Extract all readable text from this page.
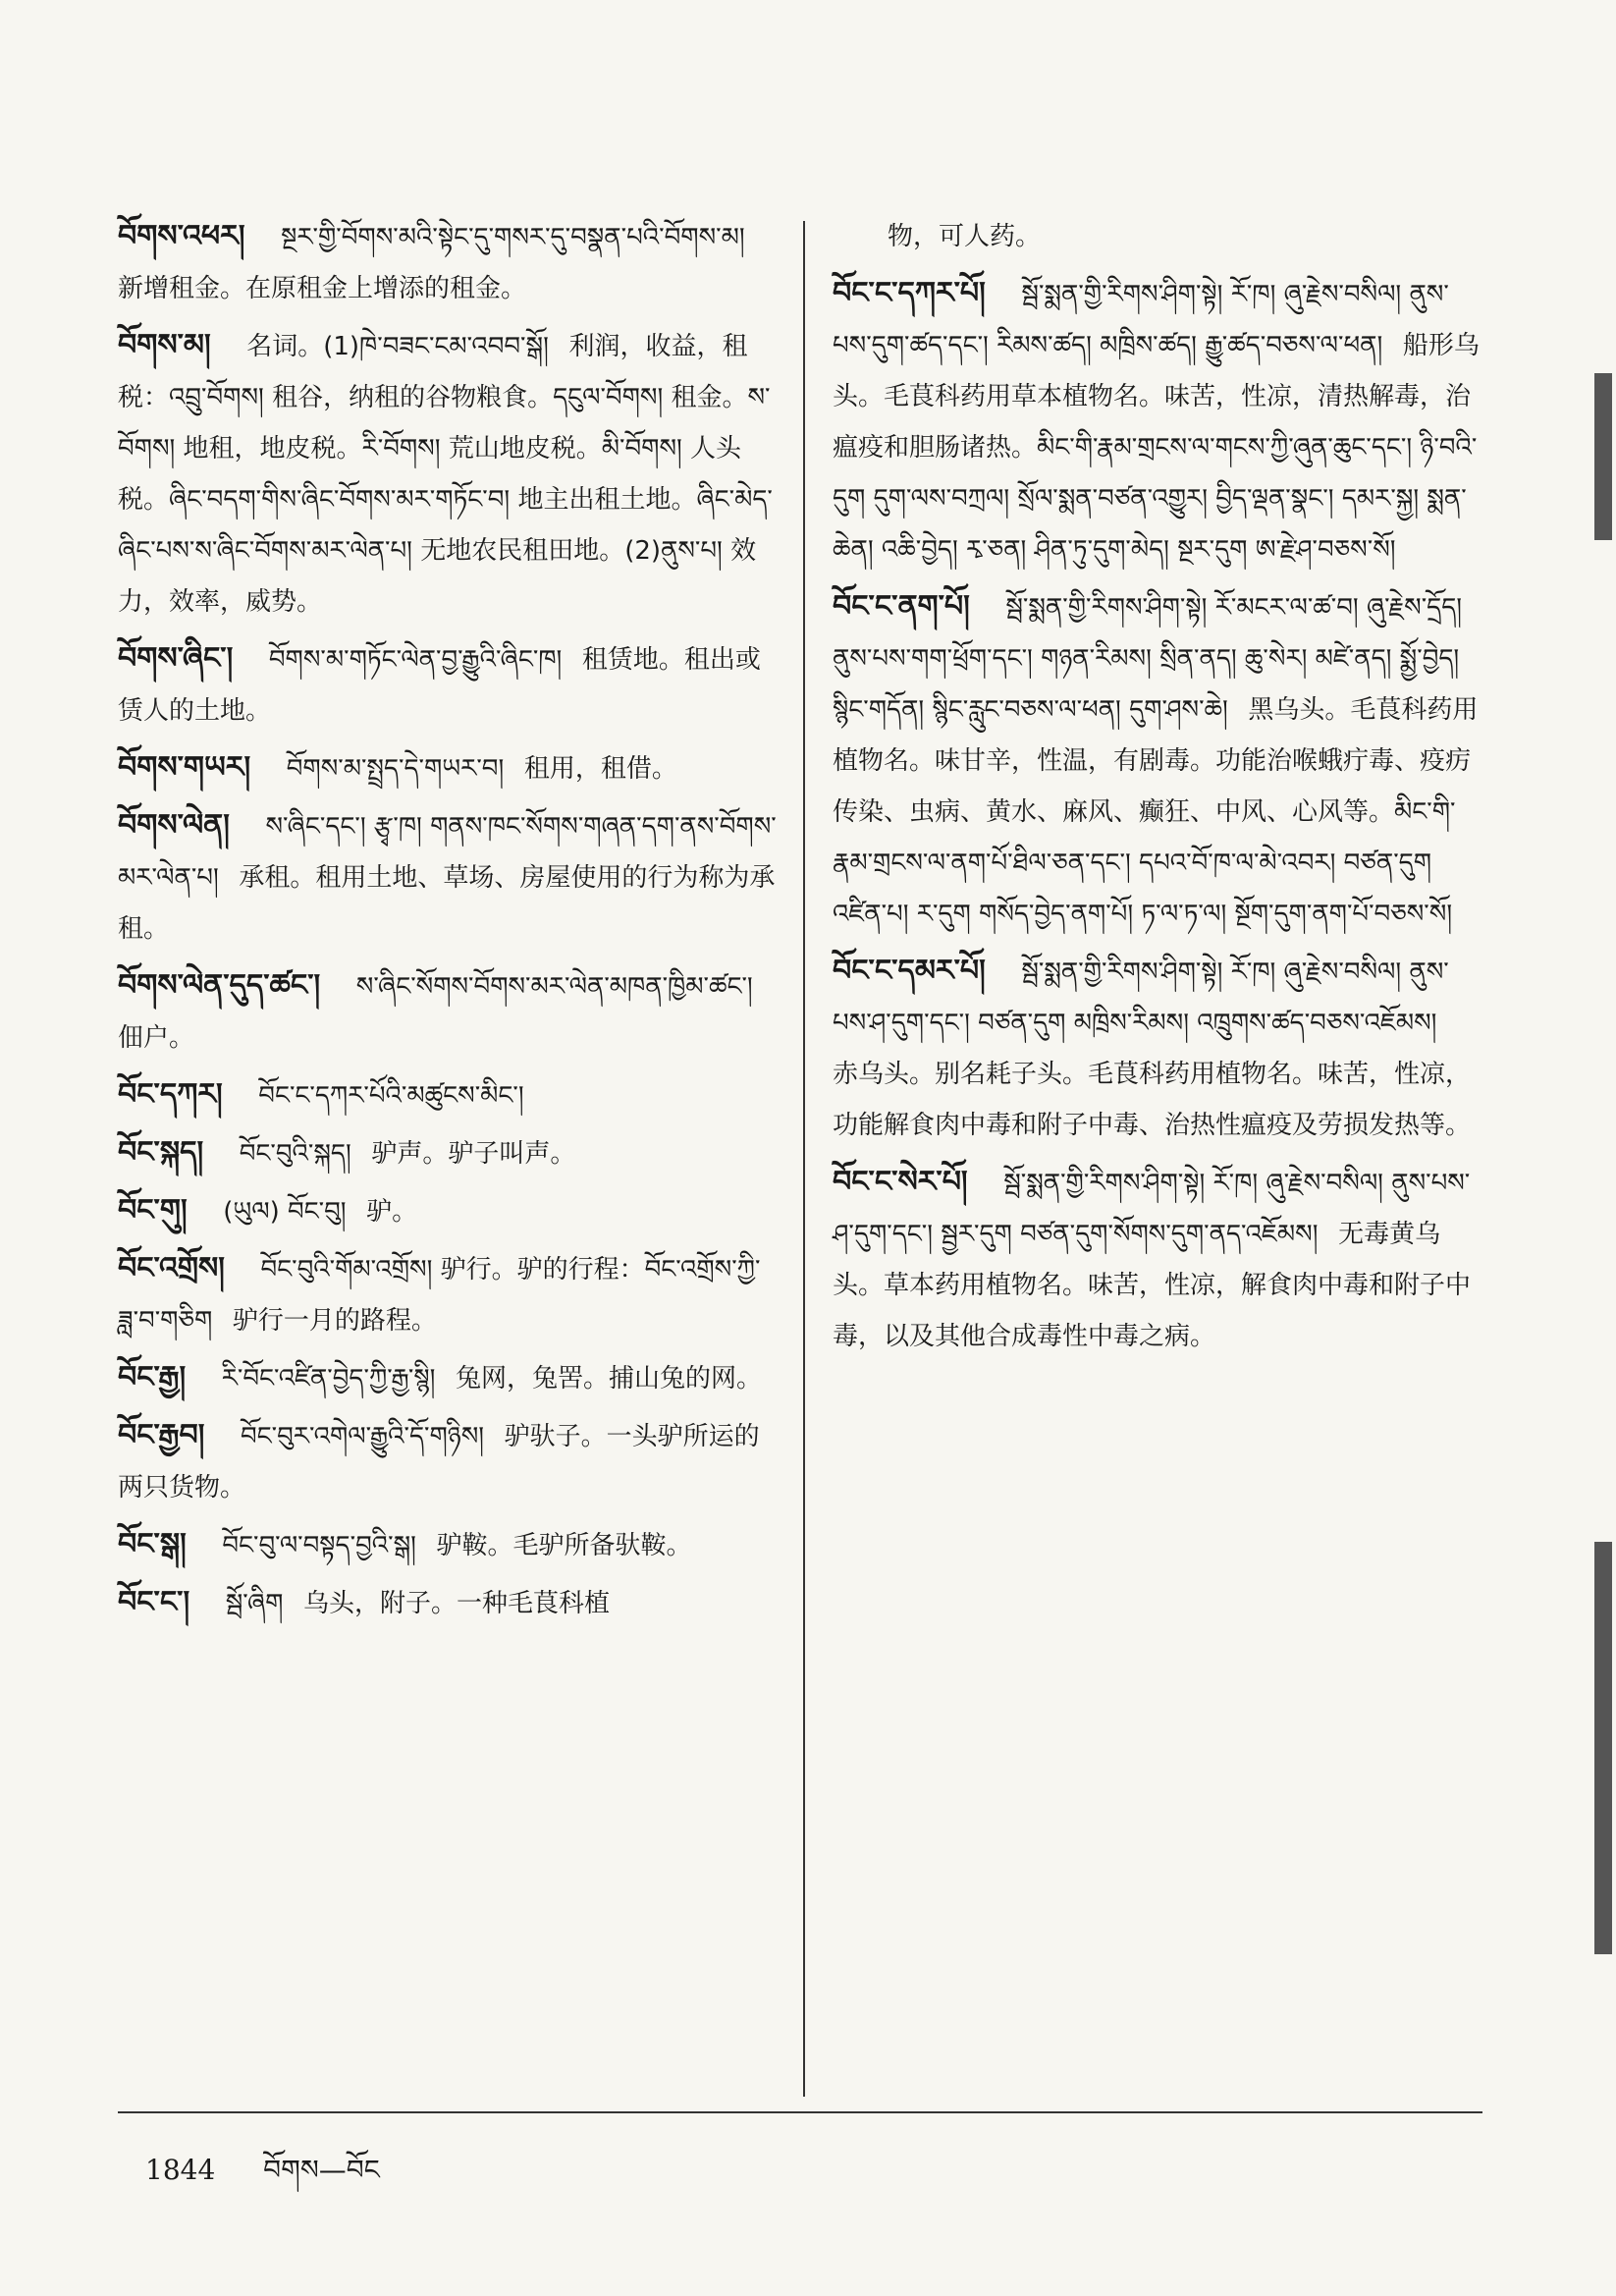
བོགས་འཕར། སྔར་གྱི་བོགས་མའི་སྟེང་དུ་གསར་དུ་བསྣན་པའི་བོགས་མ། 新增租金。在原租金上增添的租金。
བོགས་མ། 名词。(1)ཁེ་བཟང་ངམ་འབབ་སྒོ། 利润，收益，租税：འབྲུ་བོགས། 租谷，纳租的谷物粮食。དངུལ་བོགས། 租金。ས་བོགས། 地租，地皮税。རི་བོགས། 荒山地皮税。མི་བོགས། 人头税。ཞིང་བདག་གིས་ཞིང་བོགས་མར་གཏོང་བ། 地主出租土地。ཞིང་མེད་ཞིང་པས་ས་ཞིང་བོགས་མར་ལེན་པ། 无地农民租田地。(2)ནུས་པ། 效力，效率，威势。
བོགས་ཞིང་། བོགས་མ་གཏོང་ལེན་བྱ་རྒྱུའི་ཞིང་ཁ། 租赁地。租出或赁人的土地。
བོགས་གཡར། བོགས་མ་སྤྲད་དེ་གཡར་བ། 租用，租借。
བོགས་ལེན། ས་ཞིང་དང་། རྩྭ་ཁ། གནས་ཁང་སོགས་གཞན་དག་ནས་བོགས་མར་ལེན་པ། 承租。租用土地、草场、房屋使用的行为称为承租。
བོགས་ལེན་དུད་ཚང་། ས་ཞིང་སོགས་བོགས་མར་ལེན་མཁན་ཁྱིམ་ཚང་། 佃户。
བོང་དཀར། བོང་ང་དཀར་པོའི་མཚུངས་མིང་།
བོང་སྐད། བོང་བུའི་སྐད། 驴声。驴子叫声。
བོང་གུ། (ཡུལ) བོང་བུ། 驴。
བོང་འགྲོས། བོང་བུའི་གོམ་འགྲོས། 驴行。驴的行程：བོང་འགྲོས་ཀྱི་ཟླ་བ་གཅིག 驴行一月的路程。
བོང་རྒྱ། རི་བོང་འཛིན་བྱེད་ཀྱི་རྒྱ་སྙི། 兔网，兔罟。捕山兔的网。
བོང་རྒྱབ། བོང་བུར་འགེལ་རྒྱུའི་དོ་གཉིས། 驴驮子。一头驴所运的两只货物。
བོང་སྒ། བོང་བུ་ལ་བསྟད་བྱའི་སྒ། 驴鞍。毛驴所备驮鞍。
བོང་ང་། སྦོ་ཞིག 乌头，附子。一种毛茛科植
物，可人药。
བོང་ང་དཀར་པོ། སྦོ་སྨན་གྱི་རིགས་ཤིག་སྟེ། རོ་ཁ། ཞུ་རྗེས་བསིལ། ནུས་པས་དུག་ཚད་དང་། རིམས་ཚད། མཁྲིས་ཚད། རྒྱུ་ཚད་བཅས་ལ་ཕན། 船形乌头。毛茛科药用草本植物名。味苦，性凉，清热解毒，治瘟疫和胆肠诸热。མིང་གི་རྣམ་གྲངས་ལ་གངས་ཀྱི་ཞུན་ཆུང་དང་། ཉི་བའི་དུག དུག་ལས་བཀྲལ། སྲོལ་སྨན་བཙན་འགྱུར། བྱིད་ལྡན་སྣང་། དམར་སྐྱ། སྨན་ཆེན། འཆི་བྱེད། རྭ་ཅན། ཤིན་ཏུ་དུག་མེད། སྔར་དུག ཨ་རྗེ་ཤ་བཅས་སོ།
བོང་ང་ནག་པོ། སྦོ་སྨན་གྱི་རིགས་ཤིག་སྟེ། རོ་མངར་ལ་ཚ་བ། ཞུ་རྗེས་དྲོད། ནུས་པས་གག་ཕྲོག་དང་། གཉན་རིམས། སྲིན་ནད། ཆུ་སེར། མཛེ་ནད། སྨྱོ་བྱེད། སྙིང་གདོན། སྙིང་རླུང་བཅས་ལ་ཕན། དུག་ཤས་ཆེ། 黑乌头。毛茛科药用植物名。味甘辛，性温，有剧毒。功能治喉蛾疔毒、疫疠传染、虫病、黄水、麻风、癫狂、中风、心风等。མིང་གི་རྣམ་གྲངས་ལ་ནག་པོ་ཐིལ་ཅན་དང་། དཔའ་བོ་ཁ་ལ་མེ་འབར། བཙན་དུག འཛིན་པ། ར་དུག གསོད་བྱེད་ནག་པོ། ཏ་ལ་ཏ་ལ། སྔོག་དུག་ནག་པོ་བཅས་སོ།
བོང་ང་དམར་པོ། སྦོ་སྨན་གྱི་རིགས་ཤིག་སྟེ། རོ་ཁ། ཞུ་རྗེས་བསིལ། ནུས་པས་ཤ་དུག་དང་། བཙན་དུག མཁྲིས་རིམས། འཁྲུགས་ཚད་བཅས་འཇོམས། 赤乌头。别名耗子头。毛茛科药用植物名。味苦，性凉，功能解食肉中毒和附子中毒、治热性瘟疫及劳损发热等。
བོང་ང་སེར་པོ། སྦོ་སྨན་གྱི་རིགས་ཤིག་སྟེ། རོ་ཁ། ཞུ་རྗེས་བསིལ། ནུས་པས་ཤ་དུག་དང་། སྦྱར་དུག བཙན་དུག་སོགས་དུག་ནད་འཇོམས། 无毒黄乌头。草本药用植物名。味苦，性凉，解食肉中毒和附子中毒，以及其他合成毒性中毒之病。
1844 བོགས—བོང
